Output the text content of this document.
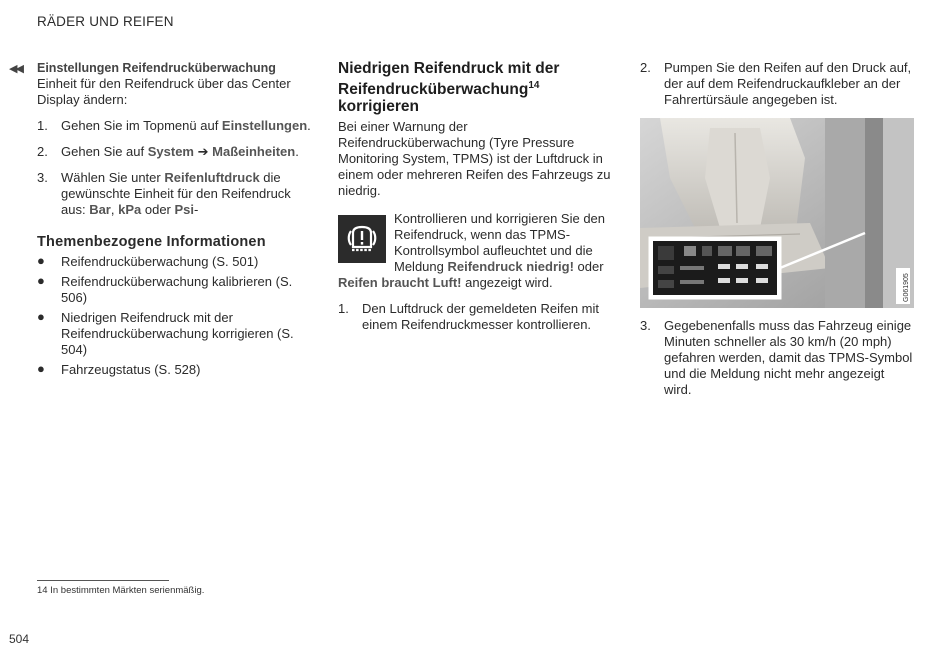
RÄDER UND REIFEN
◀◀ Einstellungen Reifendrucküberwachung

Einheit für den Reifendruck über das Center Display ändern:

1. Gehen Sie im Topmenü auf Einstellungen.
2. Gehen Sie auf System ➔ Maßeinheiten.
3. Wählen Sie unter Reifenluftdruck die gewünschte Einheit für den Reifendruck aus: Bar, kPa oder Psi-
Themenbezogene Informationen
● Reifendrucküberwachung (S. 501)
● Reifendrucküberwachung kalibrieren (S. 506)
● Niedrigen Reifendruck mit der Reifendrucküberwachung korrigieren (S. 504)
● Fahrzeugstatus (S. 528)
Niedrigen Reifendruck mit der Reifendrucküberwachung$^{14}$
korrigieren

Bei einer Warnung der Reifendrucküberwachung (Tyre Pressure Monitoring System, TPMS) ist der Luftdruck in einem oder mehreren Reifen des Fahrzeugs zu niedrig.

Kontrollieren und korrigieren Sie den Reifendruck, wenn das TPMS-Kontrollsymbol aufleuchtet und die Meldung Reifendruck niedrig! oder Reifen braucht Luft! angezeigt wird.

1. Den Luftdruck der gemeldeten Reifen mit einem Reifendruckmesser kontrollieren.
2. Pumpen Sie den Reifen auf den Druck auf, der auf dem Reifendruckaufkleber an der Fahrertürsäule angegeben ist.
G061905
3. Gegebenenfalls muss das Fahrzeug einige Minuten schneller als 30 km/h (20 mph) gefahren werden, damit das TPMS-Symbol und die Meldung nicht mehr angezeigt wird.
14 In bestimmten Märkten serienmäßig.
504
